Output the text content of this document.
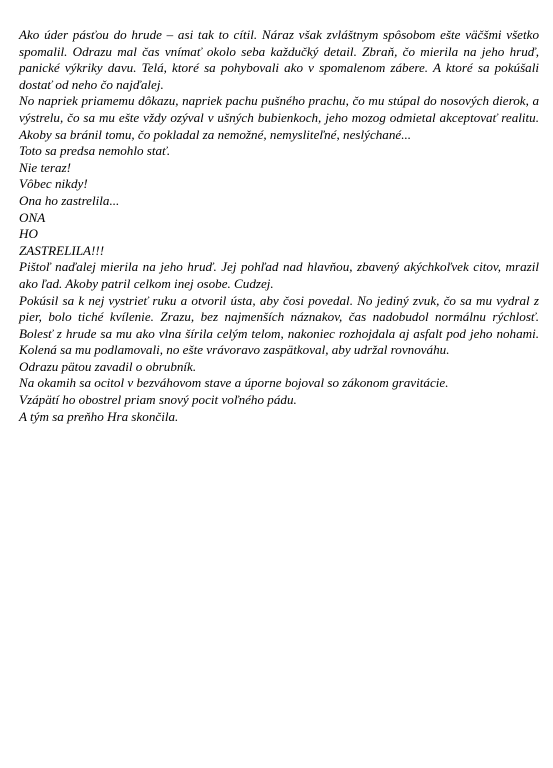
Ako úder pásťou do hrude – asi tak to cítil. Náraz však zvláštnym spôsobom ešte väčšmi všetko spomalil. Odrazu mal čas vnímať okolo seba každučký detail. Zbraň, čo mierila na jeho hruď, panické výkriky davu. Telá, ktoré sa pohybovali ako v spomalenom zábere. A ktoré sa pokúšali dostať od neho čo najďalej.

No napriek priamemu dôkazu, napriek pachu pušného prachu, čo mu stúpal do nosových dierok, a výstrelu, čo sa mu ešte vždy ozýval v ušných bubienkoch, jeho mozog odmietal akceptovať realitu. Akoby sa bránil tomu, čo pokladal za nemožné, nemysliteľné, neslýchané...

Toto sa predsa nemohlo stať.

Nie teraz!

Vôbec nikdy!

Ona ho zastrelila...

ONA

HO

ZASTRELILA!!!

Pištoľ naďalej mierila na jeho hruď. Jej pohľad nad hlavňou, zbavený akýchkoľvek citov, mrazil ako ľad. Akoby patril celkom inej osobe. Cudzej.

Pokúsil sa k nej vystrieť ruku a otvoril ústa, aby čosi povedal. No jediný zvuk, čo sa mu vydral z pier, bolo tiché kvílenie. Zrazu, bez najmenších náznakov, čas nadobudol normálnu rýchlosť. Bolesť z hrude sa mu ako vlna šírila celým telom, nakoniec rozhojdala aj asfalt pod jeho nohami. Kolená sa mu podlamovali, no ešte vrávoravo zaspätkoval, aby udržal rovnováhu.

Odrazu pätou zavadil o obrubník.

Na okamih sa ocitol v bezváhovom stave a úporne bojoval so zákonom gravitácie.

Vzápätí ho obostrel priam snový pocit voľného pádu.

A tým sa preňho Hra skončila.
